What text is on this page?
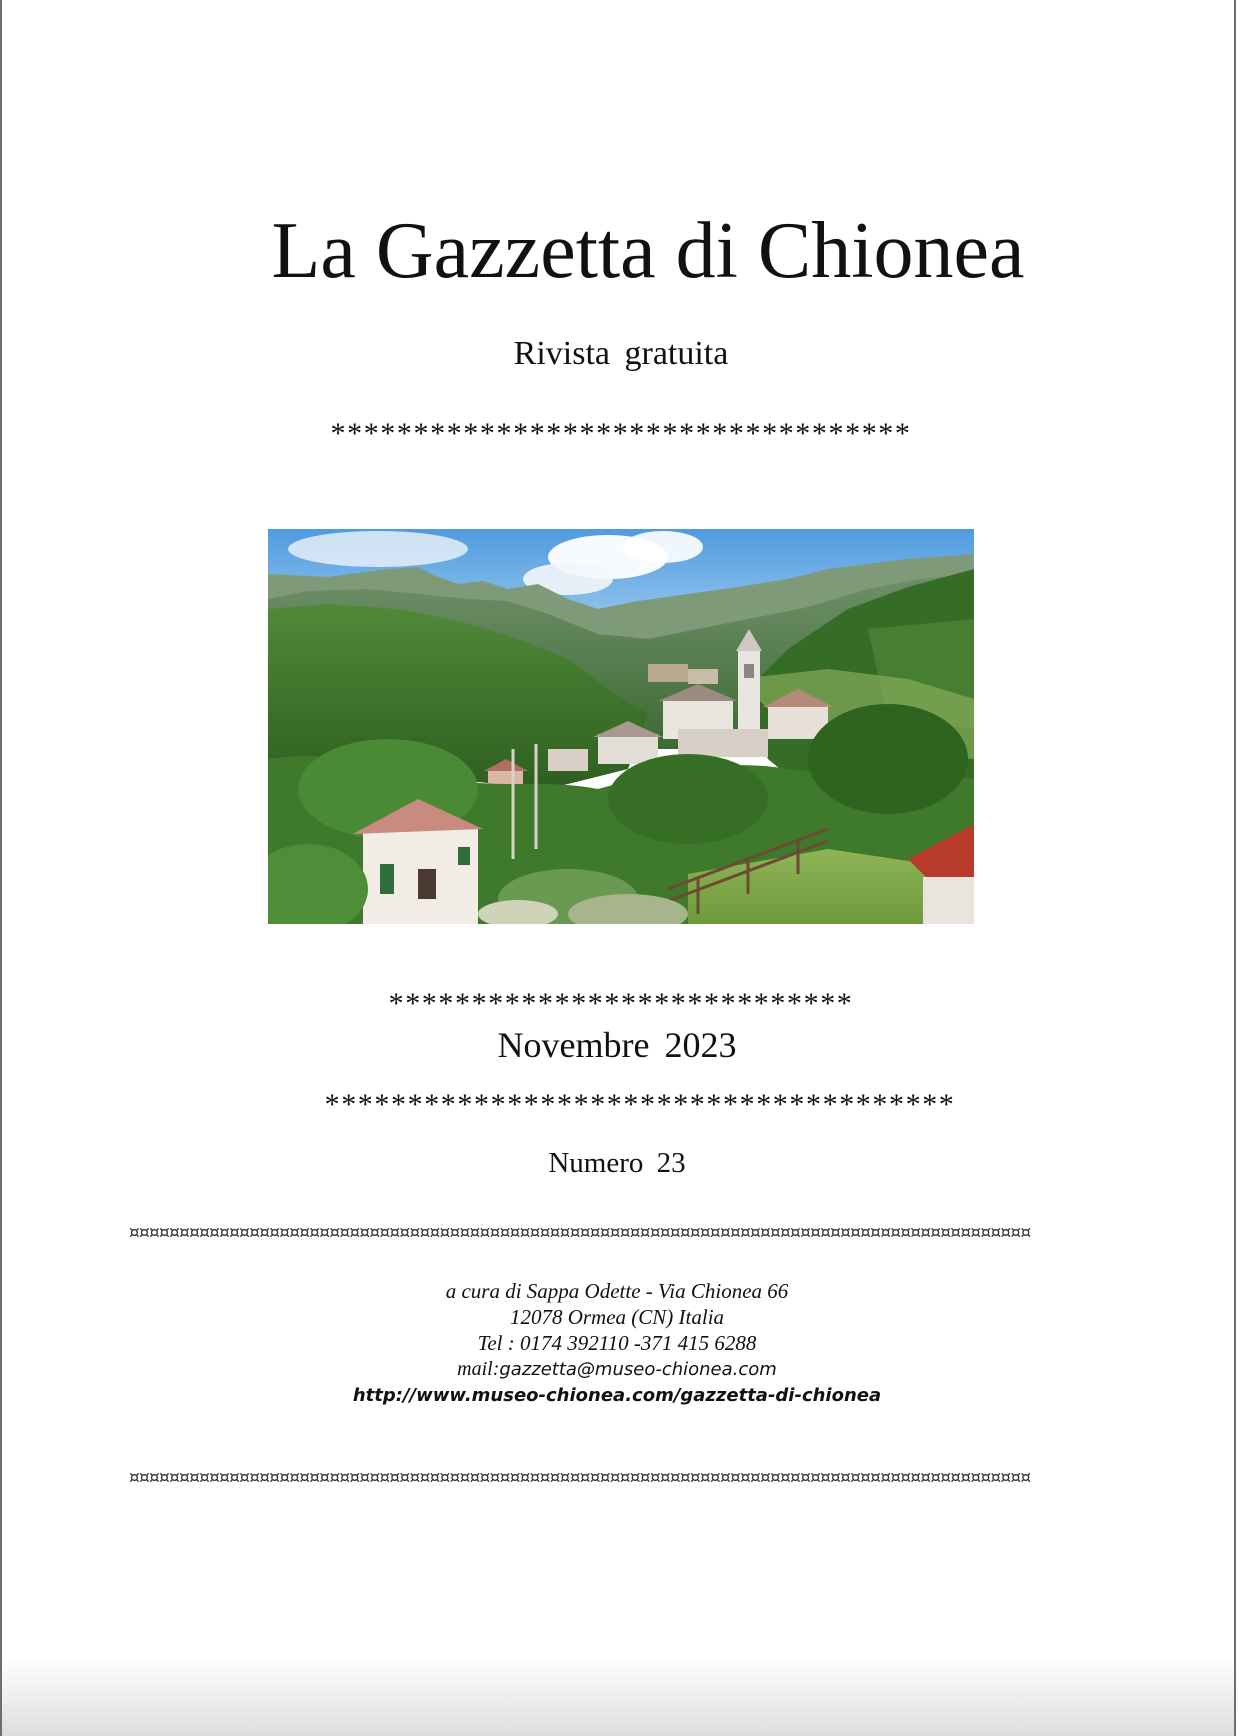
La Gazzetta di Chionea
Rivista gratuita
***********************************
****************************
Novembre 2023
**************************************
Numero 23
¤¤¤¤¤¤¤¤¤¤¤¤¤¤¤¤¤¤¤¤¤¤¤¤¤¤¤¤¤¤¤¤¤¤¤¤¤¤¤¤¤¤¤¤¤¤¤¤¤¤¤¤¤¤¤¤¤¤¤¤¤¤¤¤¤¤¤¤¤¤¤¤¤¤¤¤¤¤¤¤¤¤¤¤¤¤¤¤¤¤
a cura di Sappa Odette - Via Chionea 66
12078 Ormea (CN) Italia
Tel : 0174 392110 -371 415 6288
mail:gazzetta@museo-chionea.com
http://www.museo-chionea.com/gazzetta-di-chionea
¤¤¤¤¤¤¤¤¤¤¤¤¤¤¤¤¤¤¤¤¤¤¤¤¤¤¤¤¤¤¤¤¤¤¤¤¤¤¤¤¤¤¤¤¤¤¤¤¤¤¤¤¤¤¤¤¤¤¤¤¤¤¤¤¤¤¤¤¤¤¤¤¤¤¤¤¤¤¤¤¤¤¤¤¤¤¤¤¤¤
